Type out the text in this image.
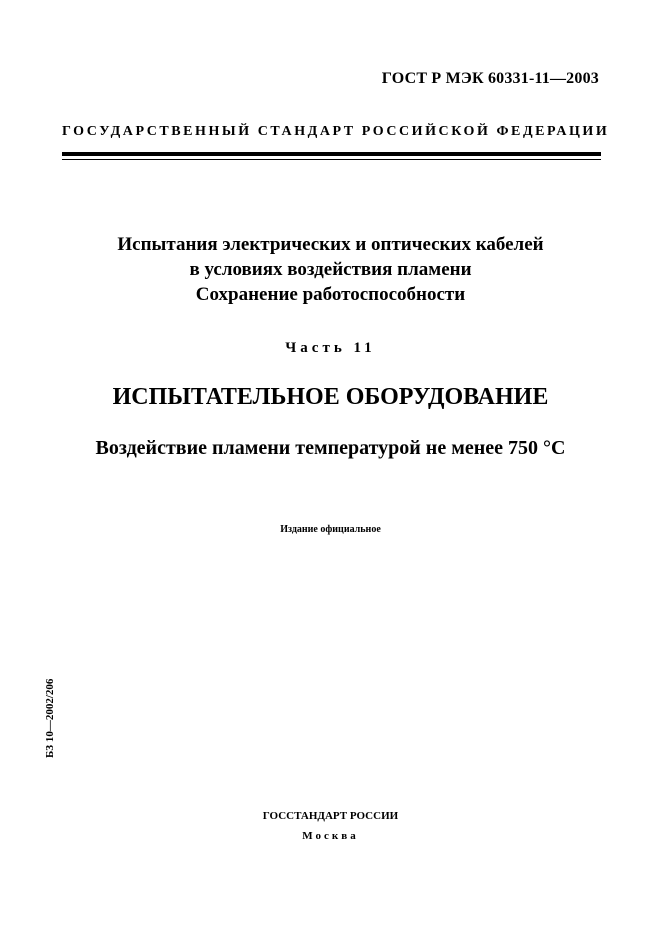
ГОСТ Р МЭК 60331-11—2003
ГОСУДАРСТВЕННЫЙ СТАНДАРТ РОССИЙСКОЙ ФЕДЕРАЦИИ
Испытания электрических и оптических кабелей
в условиях воздействия пламени
Сохранение работоспособности
Часть 11
ИСПЫТАТЕЛЬНОЕ ОБОРУДОВАНИЕ
Воздействие пламени температурой не менее 750 °С
Издание официальное
БЗ 10—2002/206
ГОССТАНДАРТ РОССИИ
Москва
